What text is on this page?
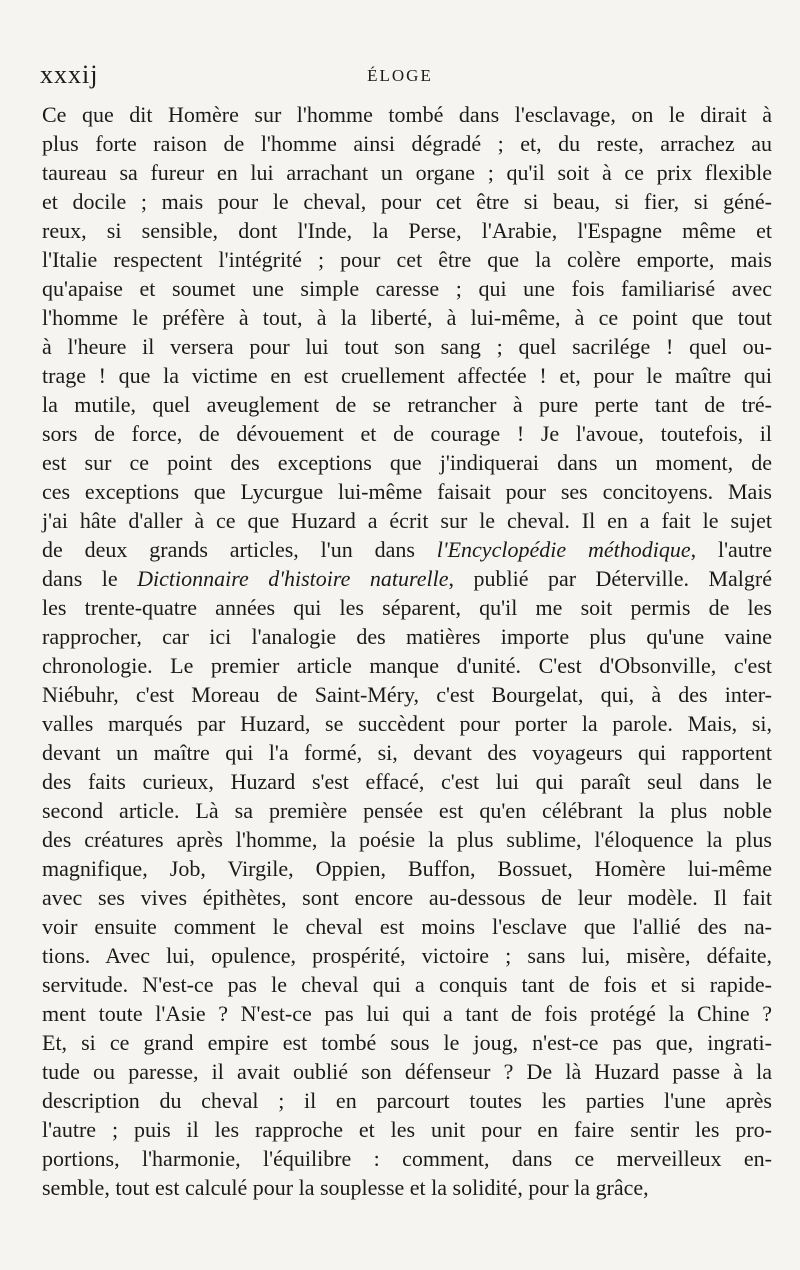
xxxij	ÉLOGE
Ce que dit Homère sur l'homme tombé dans l'esclavage, on le dirait à
plus forte raison de l'homme ainsi dégradé ; et, du reste, arrachez au
taureau sa fureur en lui arrachant un organe ; qu'il soit à ce prix flexible
et docile ; mais pour le cheval, pour cet être si beau, si fier, si géné-
reux, si sensible, dont l'Inde, la Perse, l'Arabie, l'Espagne même et
l'Italie respectent l'intégrité ; pour cet être que la colère emporte, mais
qu'apaise et soumet une simple caresse ; qui une fois familiarisé avec
l'homme le préfère à tout, à la liberté, à lui-même, à ce point que tout
à l'heure il versera pour lui tout son sang ; quel sacrilége ! quel ou-
trage ! que la victime en est cruellement affectée ! et, pour le maître qui
la mutile, quel aveuglement de se retrancher à pure perte tant de tré-
sors de force, de dévouement et de courage ! Je l'avoue, toutefois, il
est sur ce point des exceptions que j'indiquerai dans un moment, de
ces exceptions que Lycurgue lui-même faisait pour ses concitoyens. Mais
j'ai hâte d'aller à ce que Huzard a écrit sur le cheval. Il en a fait le sujet
de deux grands articles, l'un dans l'Encyclopédie méthodique, l'autre
dans le Dictionnaire d'histoire naturelle, publié par Déterville. Malgré
les trente-quatre années qui les séparent, qu'il me soit permis de les
rapprocher, car ici l'analogie des matières importe plus qu'une vaine
chronologie. Le premier article manque d'unité. C'est d'Obsonville, c'est
Niébuhr, c'est Moreau de Saint-Méry, c'est Bourgelat, qui, à des inter-
valles marqués par Huzard, se succèdent pour porter la parole. Mais, si,
devant un maître qui l'a formé, si, devant des voyageurs qui rapportent
des faits curieux, Huzard s'est effacé, c'est lui qui paraît seul dans le
second article. Là sa première pensée est qu'en célébrant la plus noble
des créatures après l'homme, la poésie la plus sublime, l'éloquence la plus
magnifique, Job, Virgile, Oppien, Buffon, Bossuet, Homère lui-même
avec ses vives épithètes, sont encore au-dessous de leur modèle. Il fait
voir ensuite comment le cheval est moins l'esclave que l'allié des na-
tions. Avec lui, opulence, prospérité, victoire ; sans lui, misère, défaite,
servitude. N'est-ce pas le cheval qui a conquis tant de fois et si rapide-
ment toute l'Asie ? N'est-ce pas lui qui a tant de fois protégé la Chine ?
Et, si ce grand empire est tombé sous le joug, n'est-ce pas que, ingrati-
tude ou paresse, il avait oublié son défenseur ? De là Huzard passe à la
description du cheval ; il en parcourt toutes les parties l'une après
l'autre ; puis il les rapproche et les unit pour en faire sentir les pro-
portions, l'harmonie, l'équilibre : comment, dans ce merveilleux en-
semble, tout est calculé pour la souplesse et la solidité, pour la grâce,
